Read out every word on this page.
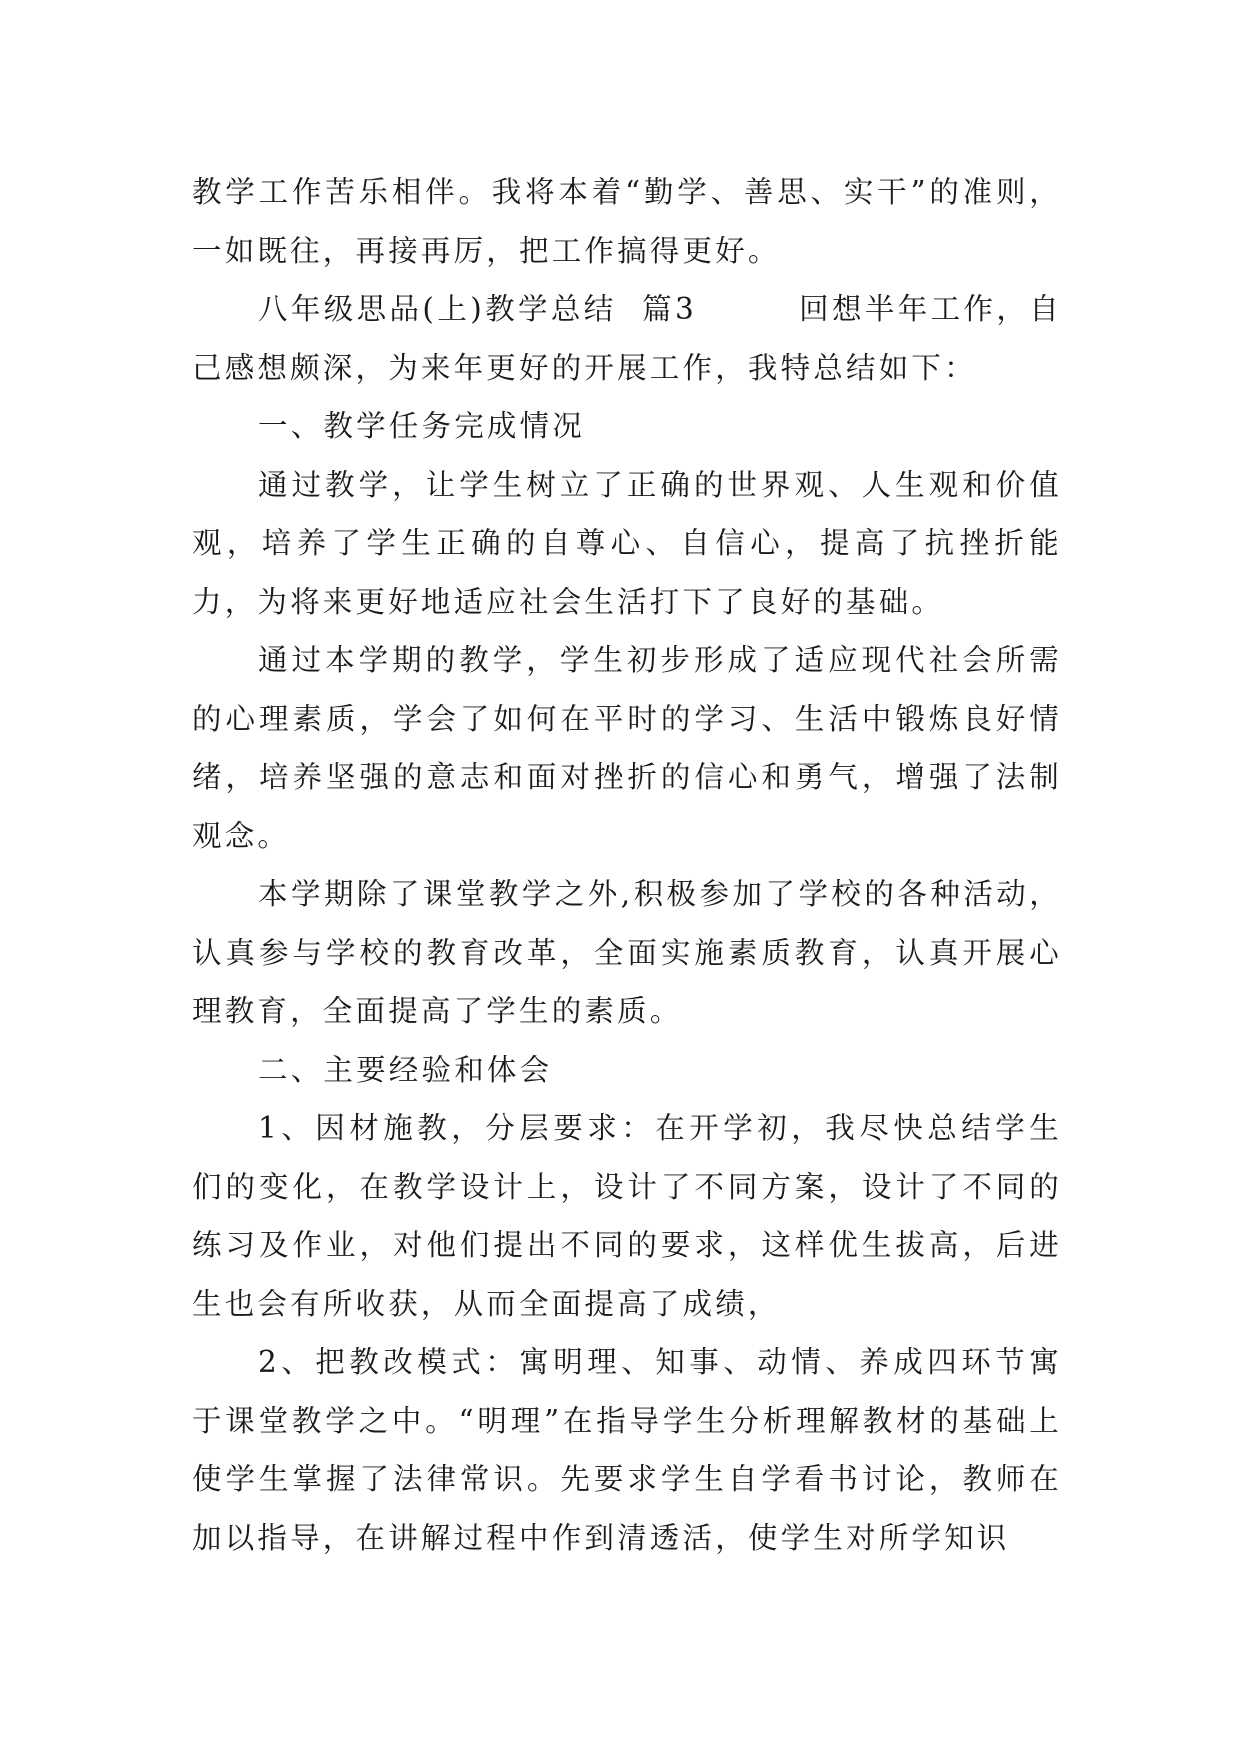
教学工作苦乐相伴。我将本着“勤学、善思、实干”的准则，一如既往，再接再厉，把工作搞得更好。

八年级思品(上)教学总结  篇3        回想半年工作，自己感想颇深，为来年更好的开展工作，我特总结如下：

一、教学任务完成情况

通过教学，让学生树立了正确的世界观、人生观和价值观，培养了学生正确的自尊心、自信心，提高了抗挫折能力，为将来更好地适应社会生活打下了良好的基础。

通过本学期的教学，学生初步形成了适应现代社会所需的心理素质，学会了如何在平时的学习、生活中锻炼良好情绪，培养坚强的意志和面对挫折的信心和勇气，增强了法制观念。

本学期除了课堂教学之外,积极参加了学校的各种活动，认真参与学校的教育改革，全面实施素质教育，认真开展心理教育，全面提高了学生的素质。

二、主要经验和体会

1、因材施教，分层要求：在开学初，我尽快总结学生们的变化，在教学设计上，设计了不同方案，设计了不同的练习及作业，对他们提出不同的要求，这样优生拔高，后进生也会有所收获，从而全面提高了成绩，

2、把教改模式：寓明理、知事、动情、养成四环节寓于课堂教学之中。“明理”在指导学生分析理解教材的基础上使学生掌握了法律常识。先要求学生自学看书讨论，教师在加以指导，在讲解过程中作到清透活，使学生对所学知识
